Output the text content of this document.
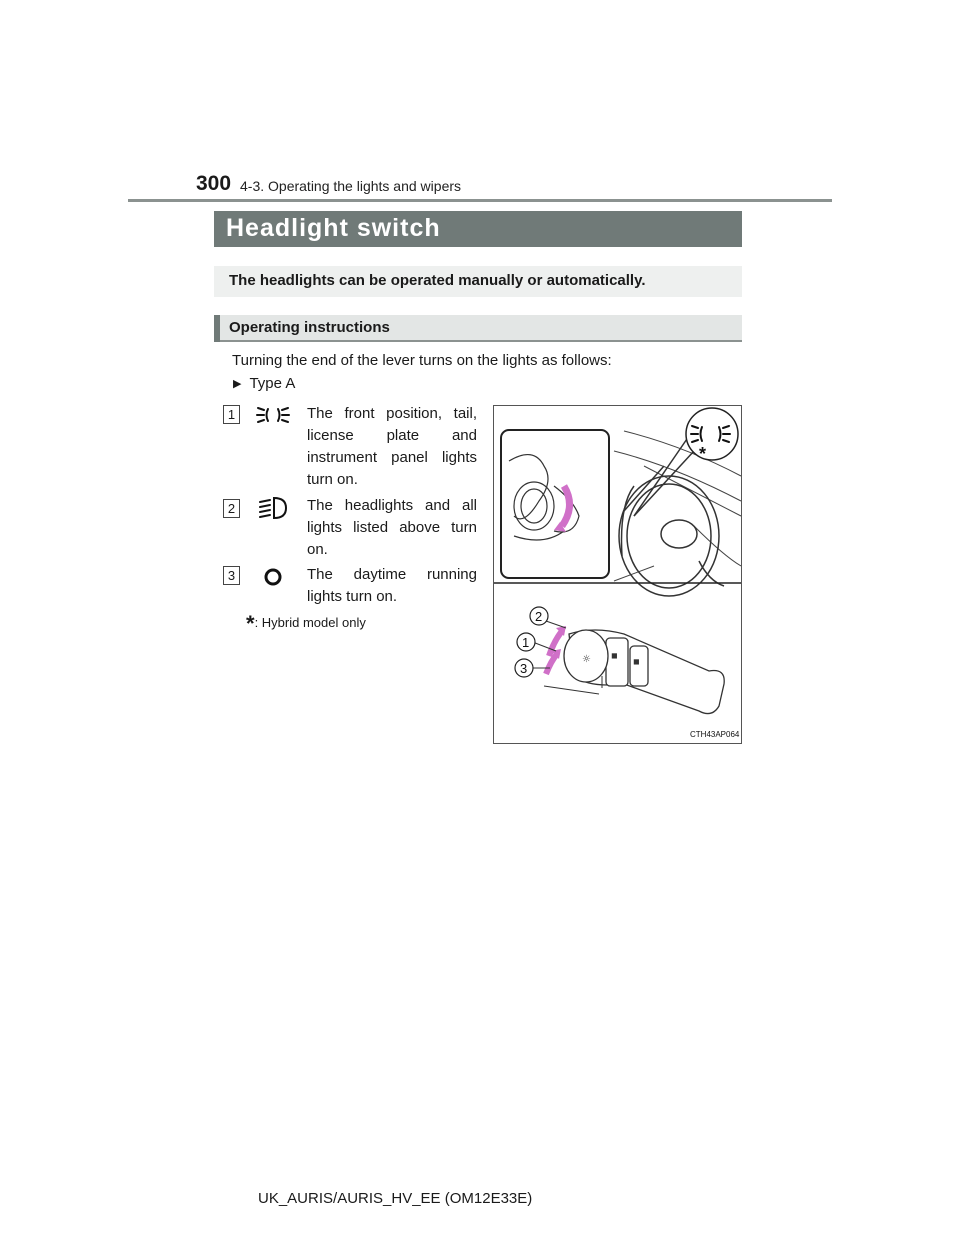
300 4-3. Operating the lights and wipers
Headlight switch
The headlights can be operated manually or automatically.
Operating instructions
Turning the end of the lever turns on the lights as follows:
▶ Type A
1	The front position, tail, license plate and instrument panel lights turn on.
2	The headlights and all lights listed above turn on.
3	The daytime running lights turn on.
*: Hybrid model only
*
☼	◼
◼
2
1
3
CTH43AP064
UK_AURIS/AURIS_HV_EE (OM12E33E)
